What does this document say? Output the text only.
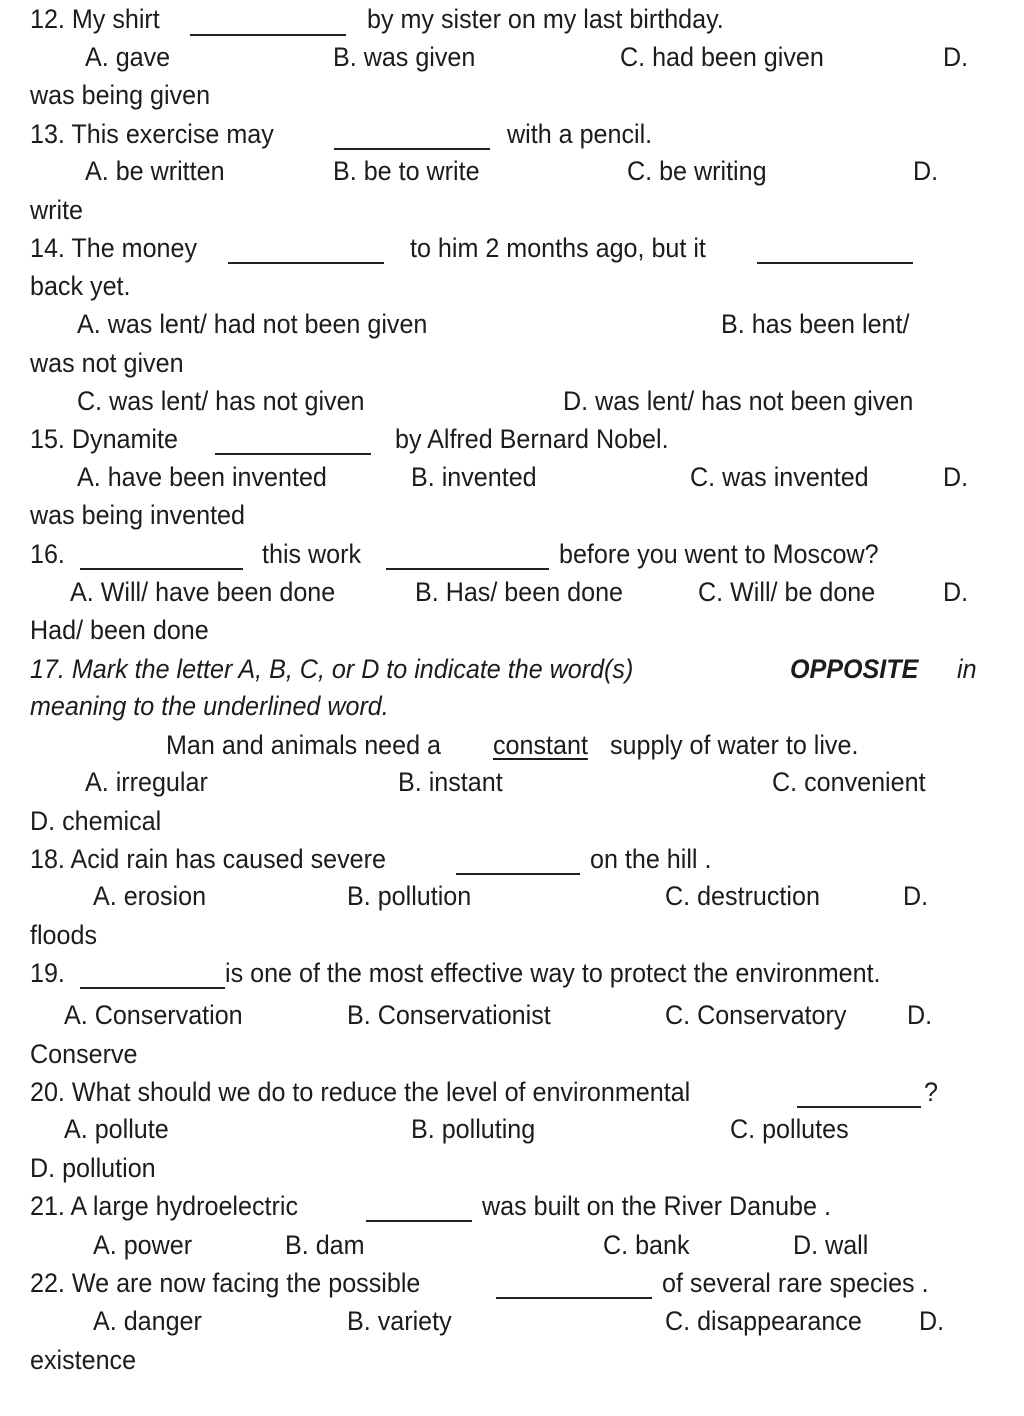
12. My shirt	by my sister on my last birthday.
A. gave	B. was given	C. had been given	D.
was being given
13. This exercise may	with a pencil.
A. be written	B. be to write	C. be writing	D.
write
14. The money	to him 2 months ago, but it
back yet.
A. was lent/ had not been given	B. has been lent/
was not given
C. was lent/ has not given	D. was lent/ has not been given
15. Dynamite	by Alfred Bernard Nobel.
A. have been invented	B. invented	C. was invented	D.
was being invented
16.	this work	before you went to Moscow?
A. Will/ have been done	B. Has/ been done	C. Will/ be done	D.
Had/ been done
17. Mark the letter A, B, C, or D to indicate the word(s)	OPPOSITE in
meaning to the underlined word.
Man and animals need a constant supply of water to live.
A. irregular	B. instant	C. convenient
D. chemical
18. Acid rain has caused severe	on the hill .
A. erosion	B. pollution	C. destruction	D.
floods
19.	is one of the most effective way to protect the environment.
A. Conservation	B. Conservationist	C. Conservatory D.
Conserve
20. What should we do to reduce the level of environmental	?
A. pollute	B. polluting	C. pollutes
D. pollution
21. A large hydroelectric	was built on the River Danube .
A. power	B. dam	C. bank	D. wall
22. We are now facing the possible	of several rare species .
A. danger	B. variety	C. disappearance D.
existence
